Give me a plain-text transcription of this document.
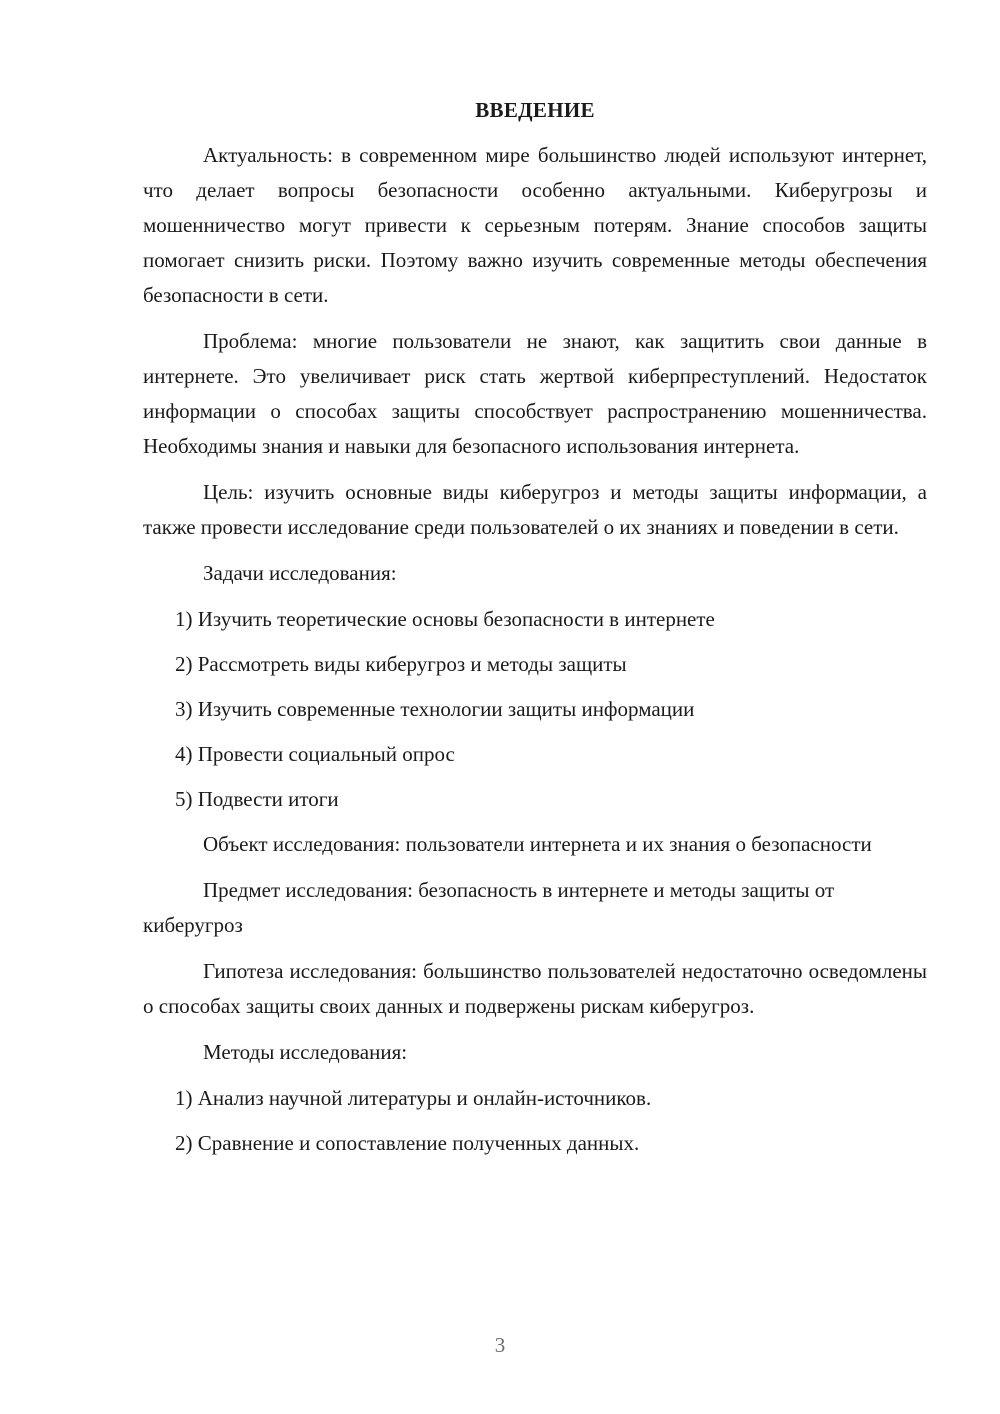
ВВЕДЕНИЕ

Актуальность: в современном мире большинство людей используют интернет, что делает вопросы безопасности особенно актуальными. Киберугрозы и мошенничество могут привести к серьезным потерям. Знание способов защиты помогает снизить риски. Поэтому важно изучить современные методы обеспечения безопасности в сети.

Проблема: многие пользователи не знают, как защитить свои данные в интернете. Это увеличивает риск стать жертвой киберпреступлений. Недостаток информации о способах защиты способствует распространению мошенничества. Необходимы знания и навыки для безопасного использования интернета.

Цель: изучить основные виды киберугроз и методы защиты информации, а также провести исследование среди пользователей о их знаниях и поведении в сети.

Задачи исследования:

1) Изучить теоретические основы безопасности в интернете
2) Рассмотреть виды киберугроз и методы защиты
3) Изучить современные технологии защиты информации
4) Провести социальный опрос
5) Подвести итоги

Объект исследования: пользователи интернета и их знания о безопасности

Предмет исследования: безопасность в интернете и методы защиты от киберугроз

Гипотеза исследования: большинство пользователей недостаточно осведомлены о способах защиты своих данных и подвержены рискам киберугроз.

Методы исследования:

1) Анализ научной литературы и онлайн-источников.
2) Сравнение и сопоставление полученных данных.
3
